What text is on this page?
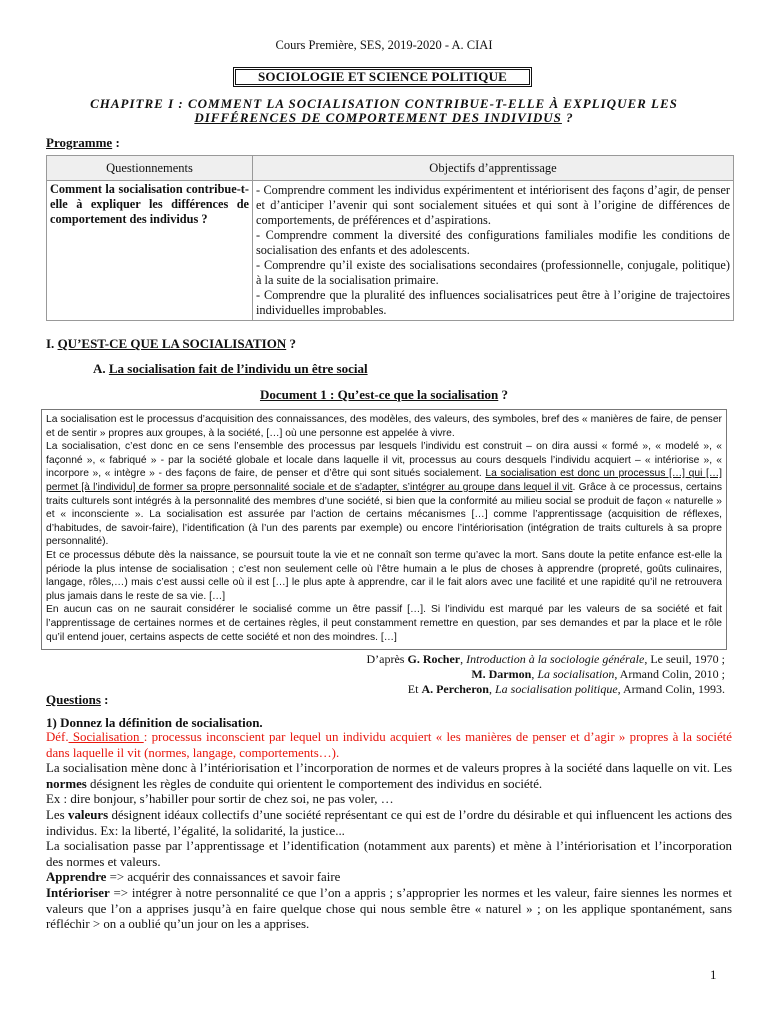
Cours Première, SES, 2019-2020 - A. CIAI
SOCIOLOGIE ET SCIENCE POLITIQUE
CHAPITRE I : COMMENT LA SOCIALISATION CONTRIBUE-T-ELLE À EXPLIQUER LES
DIFFÉRENCES DE COMPORTEMENT DES INDIVIDUS ?
Programme :
Questionnements	Objectifs d’apprentissage
Comment la socialisation contribue-t-elle à expliquer les différences de comportement des individus ?	- Comprendre comment les individus expérimentent et intériorisent des façons d’agir, de penser et d’anticiper l’avenir qui sont socialement situées et qui sont à l’origine de différences de comportements, de préférences et d’aspirations.
- Comprendre comment la diversité des configurations familiales modifie les conditions de socialisation des enfants et des adolescents.
- Comprendre qu’il existe des socialisations secondaires (professionnelle, conjugale, politique) à la suite de la socialisation primaire.
- Comprendre que la pluralité des influences socialisatrices peut être à l’origine de trajectoires individuelles improbables.
I. QU’EST-CE QUE LA SOCIALISATION ?
A. La socialisation fait de l’individu un être social
Document 1 : Qu’est-ce que la socialisation ?

La socialisation est le processus d’acquisition des connaissances, des modèles, des valeurs, des symboles, bref des « manières de faire, de penser et de sentir » propres aux groupes, à la société, […] où une personne est appelée à vivre.

La socialisation, c’est donc en ce sens l’ensemble des processus par lesquels l’individu est construit – on dira aussi « formé », « modelé », « façonné », « fabriqué » - par la société globale et locale dans laquelle il vit, processus au cours desquels l’individu acquiert – « intériorise », « incorpore », « intègre » - des façons de faire, de penser et d’être qui sont situés socialement. La socialisation est donc un processus […] qui […] permet [à l’individu] de former sa propre personnalité sociale et de s’adapter, s’intégrer au groupe dans lequel il vit. Grâce à ce processus, certains traits culturels sont intégrés à la personnalité des membres d’une société, si bien que la conformité au milieu social se produit de façon « naturelle » et « inconsciente ». La socialisation est assurée par l’action de certains mécanismes […] comme l’apprentissage (acquisition de réflexes, d’habitudes, de savoir-faire), l’identification (à l’un des parents par exemple) ou encore l’intériorisation (intégration de traits culturels à sa propre personnalité).

Et ce processus débute dès la naissance, se poursuit toute la vie et ne connaît son terme qu’avec la mort. Sans doute la petite enfance est-elle la période la plus intense de socialisation ; c’est non seulement celle où l’être humain a le plus de choses à apprendre (propreté, goûts culinaires, langage, rôles,…) mais c’est aussi celle où il est […] le plus apte à apprendre, car il le fait alors avec une facilité et une rapidité qu’il ne retrouvera plus jamais dans le reste de sa vie. […]

En aucun cas on ne saurait considérer le socialisé comme un être passif […]. Si l’individu est marqué par les valeurs de sa société et fait l’apprentissage de certaines normes et de certaines règles, il peut constamment remettre en question, par ses demandes et par la place et le rôle qu’il entend jouer, certains aspects de cette société et non des moindres. […]

D’après G. Rocher, Introduction à la sociologie générale, Le seuil, 1970 ;
M. Darmon, La socialisation, Armand Colin, 2010 ;
Et A. Percheron, La socialisation politique, Armand Colin, 1993.
Questions :
1) Donnez la définition de socialisation.

Déf. Socialisation : processus inconscient par lequel un individu acquiert « les manières de penser et d’agir » propres à la société dans laquelle il vit (normes, langage, comportements…).

La socialisation mène donc à l’intériorisation et l’incorporation de normes et de valeurs propres à la société dans laquelle on vit. Les normes désignent les règles de conduite qui orientent le comportement des individus en société.

Ex : dire bonjour, s’habiller pour sortir de chez soi, ne pas voler, …

Les valeurs désignent idéaux collectifs d’une société représentant ce qui est de l’ordre du désirable et qui influencent les actions des individus. Ex: la liberté, l’égalité, la solidarité, la justice...

La socialisation passe par l’apprentissage et l’identification (notamment aux parents) et mène à l’intériorisation et l’incorporation des normes et valeurs.

Apprendre => acquérir des connaissances et savoir faire

Intérioriser => intégrer à notre personnalité ce que l’on a appris ; s’approprier les normes et les valeur, faire siennes les normes et valeurs que l’on a apprises jusqu’à en faire quelque chose qui nous semble être « naturel » ; on les applique spontanément, sans réfléchir > on a oublié qu’un jour on les a apprises.

1
